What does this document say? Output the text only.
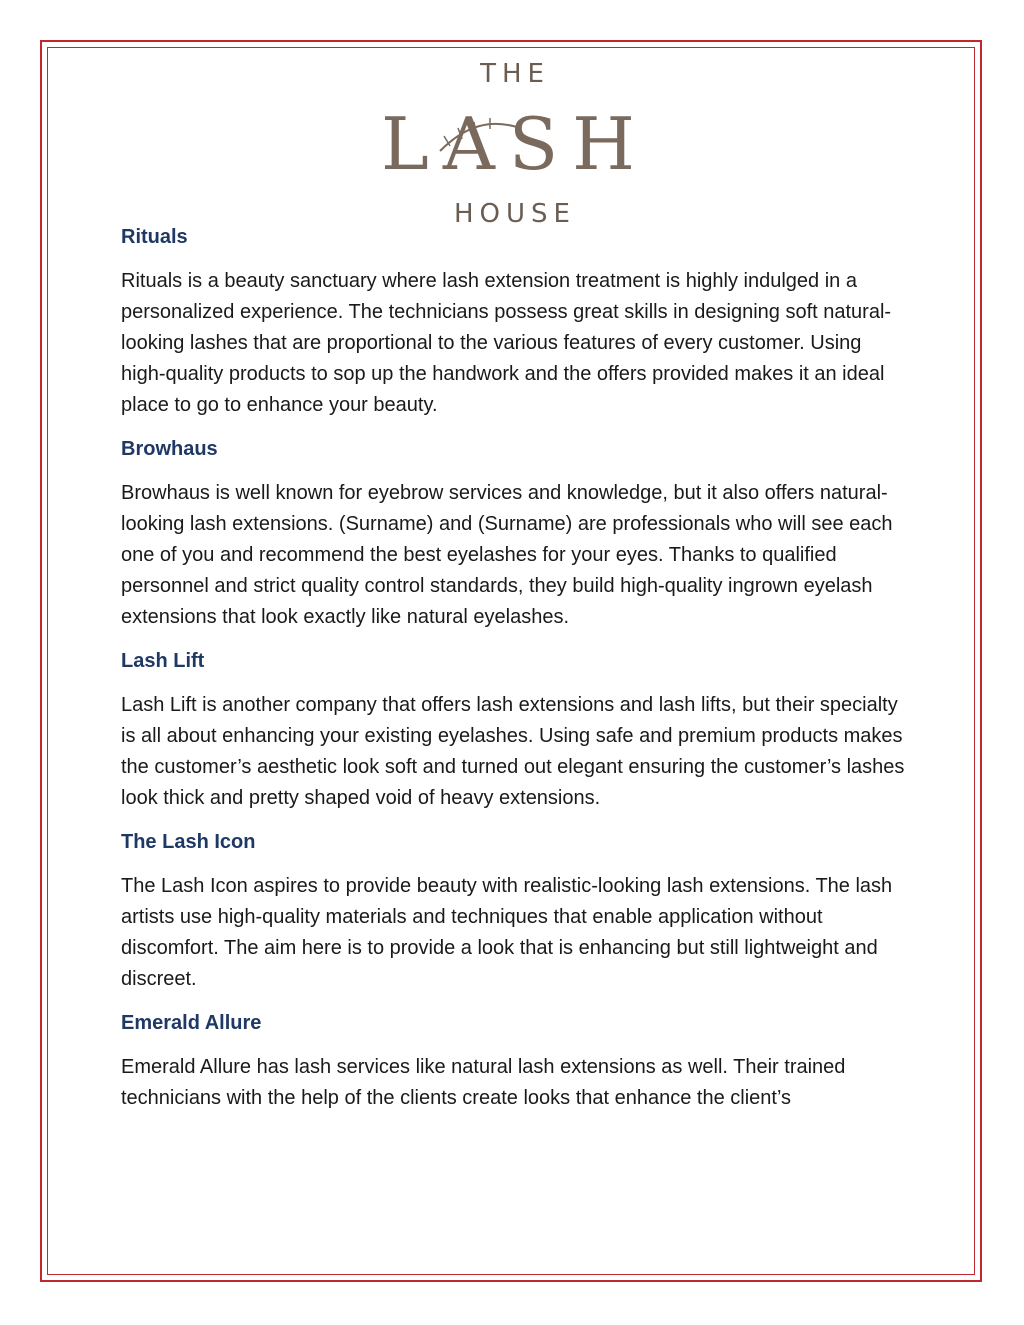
THE
LASH
HOUSE

Rituals

Rituals is a beauty sanctuary where lash extension treatment is highly indulged in a personalized experience. The technicians possess great skills in designing soft natural-looking lashes that are proportional to the various features of every customer. Using high-quality products to sop up the handwork and the offers provided makes it an ideal place to go to enhance your beauty.

Browhaus

Browhaus is well known for eyebrow services and knowledge, but it also offers natural-looking lash extensions. (Surname) and (Surname) are professionals who will see each one of you and recommend the best eyelashes for your eyes. Thanks to qualified personnel and strict quality control standards, they build high-quality ingrown eyelash extensions that look exactly like natural eyelashes.

Lash Lift

Lash Lift is another company that offers lash extensions and lash lifts, but their specialty is all about enhancing your existing eyelashes. Using safe and premium products makes the customer’s aesthetic look soft and turned out elegant ensuring the customer’s lashes look thick and pretty shaped void of heavy extensions.

The Lash Icon

The Lash Icon aspires to provide beauty with realistic-looking lash extensions. The lash artists use high-quality materials and techniques that enable application without discomfort. The aim here is to provide a look that is enhancing but still lightweight and discreet.

Emerald Allure

Emerald Allure has lash services like natural lash extensions as well. Their trained technicians with the help of the clients create looks that enhance the client’s
